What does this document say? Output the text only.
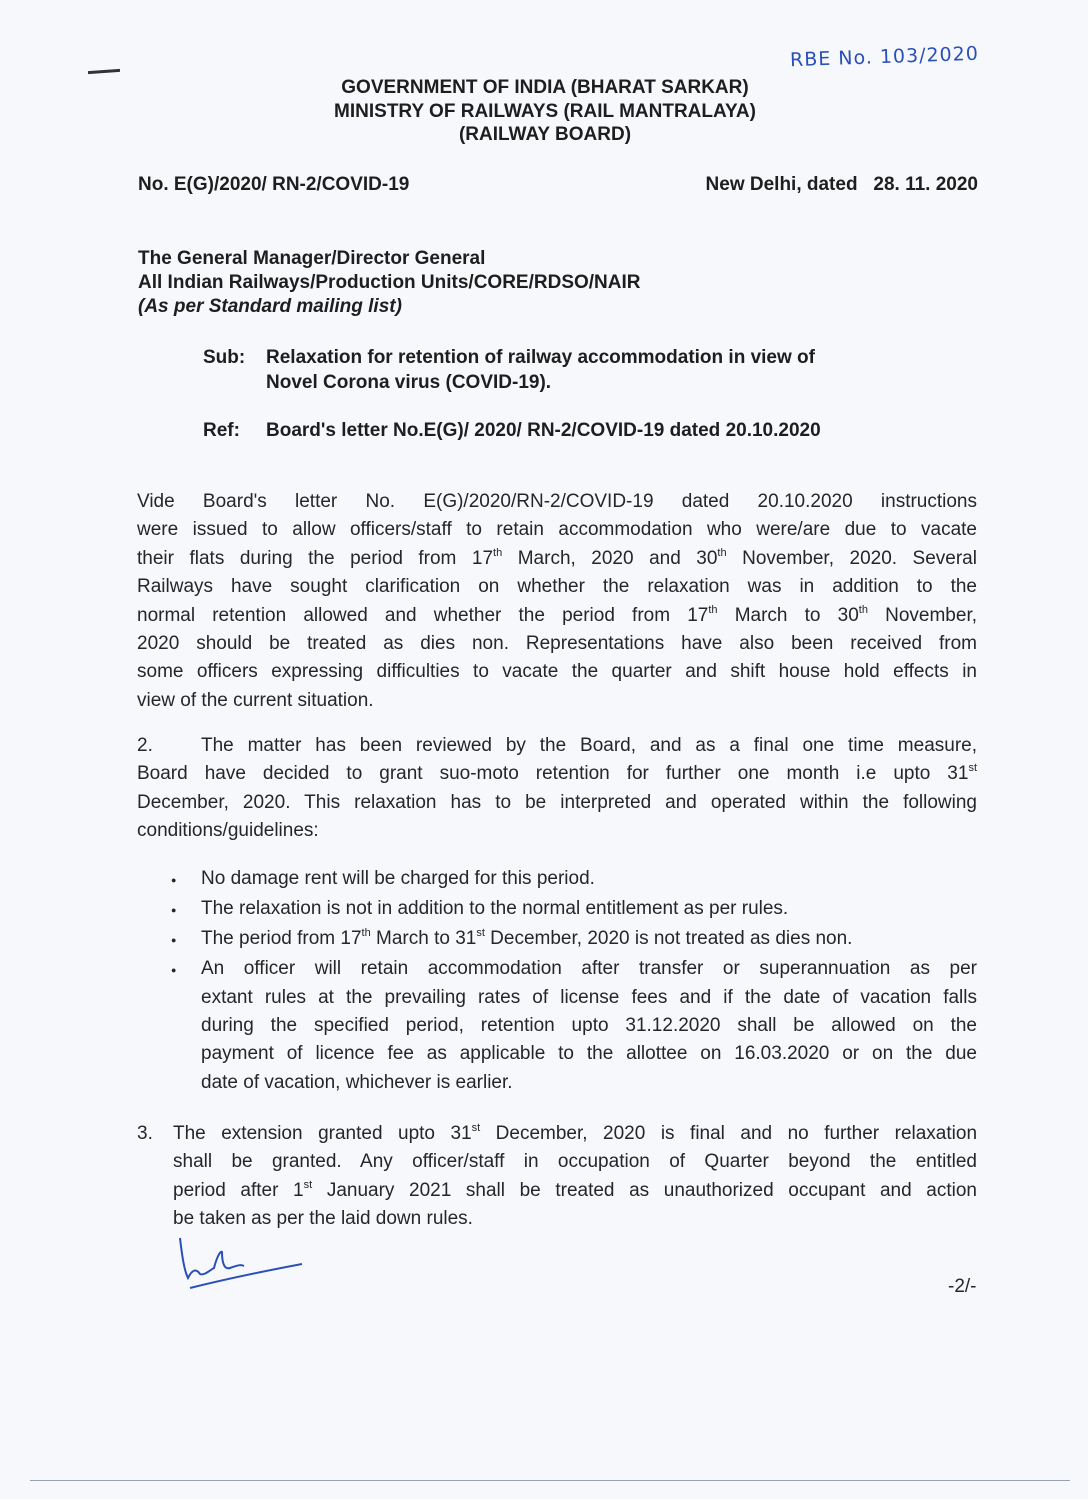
RBE No. 103/2020
GOVERNMENT OF INDIA (BHARAT SARKAR)
MINISTRY OF RAILWAYS (RAIL MANTRALAYA)
(RAILWAY BOARD)
No. E(G)/2020/ RN-2/COVID-19	New Delhi, dated   28. 11. 2020
The General Manager/Director General
All Indian Railways/Production Units/CORE/RDSO/NAIR
(As per Standard mailing list)
Sub: Relaxation for retention of railway accommodation in view of
Novel Corona virus (COVID-19).
Ref: Board's letter No.E(G)/ 2020/ RN-2/COVID-19 dated 20.10.2020
Vide Board's letter No. E(G)/2020/RN-2/COVID-19 dated 20.10.2020 instructions
were issued to allow officers/staff to retain accommodation who were/are due to vacate
their flats during the period from 17th March, 2020 and 30th November, 2020. Several
Railways have sought clarification on whether the relaxation was in addition to the
normal retention allowed and whether the period from 17th March to 30th November,
2020 should be treated as dies non. Representations have also been received from
some officers expressing difficulties to vacate the quarter and shift house hold effects in
view of the current situation.
2.	The matter has been reviewed by the Board, and as a final one time measure,
Board have decided to grant suo-moto retention for further one month i.e upto 31st
December, 2020. This relaxation has to be interpreted and operated within the following
conditions/guidelines:
● No damage rent will be charged for this period.
● The relaxation is not in addition to the normal entitlement as per rules.
● The period from 17th March to 31st December, 2020 is not treated as dies non.
● An officer will retain accommodation after transfer or superannuation as per
extant rules at the prevailing rates of license fees and if the date of vacation falls
during the specified period, retention upto 31.12.2020 shall be allowed on the
payment of licence fee as applicable to the allottee on 16.03.2020 or on the due
date of vacation, whichever is earlier.
3. The extension granted upto 31st December, 2020 is final and no further relaxation
shall be granted. Any officer/staff in occupation of Quarter beyond the entitled
period after 1st January 2021 shall be treated as unauthorized occupant and action
be taken as per the laid down rules.
-2/-
